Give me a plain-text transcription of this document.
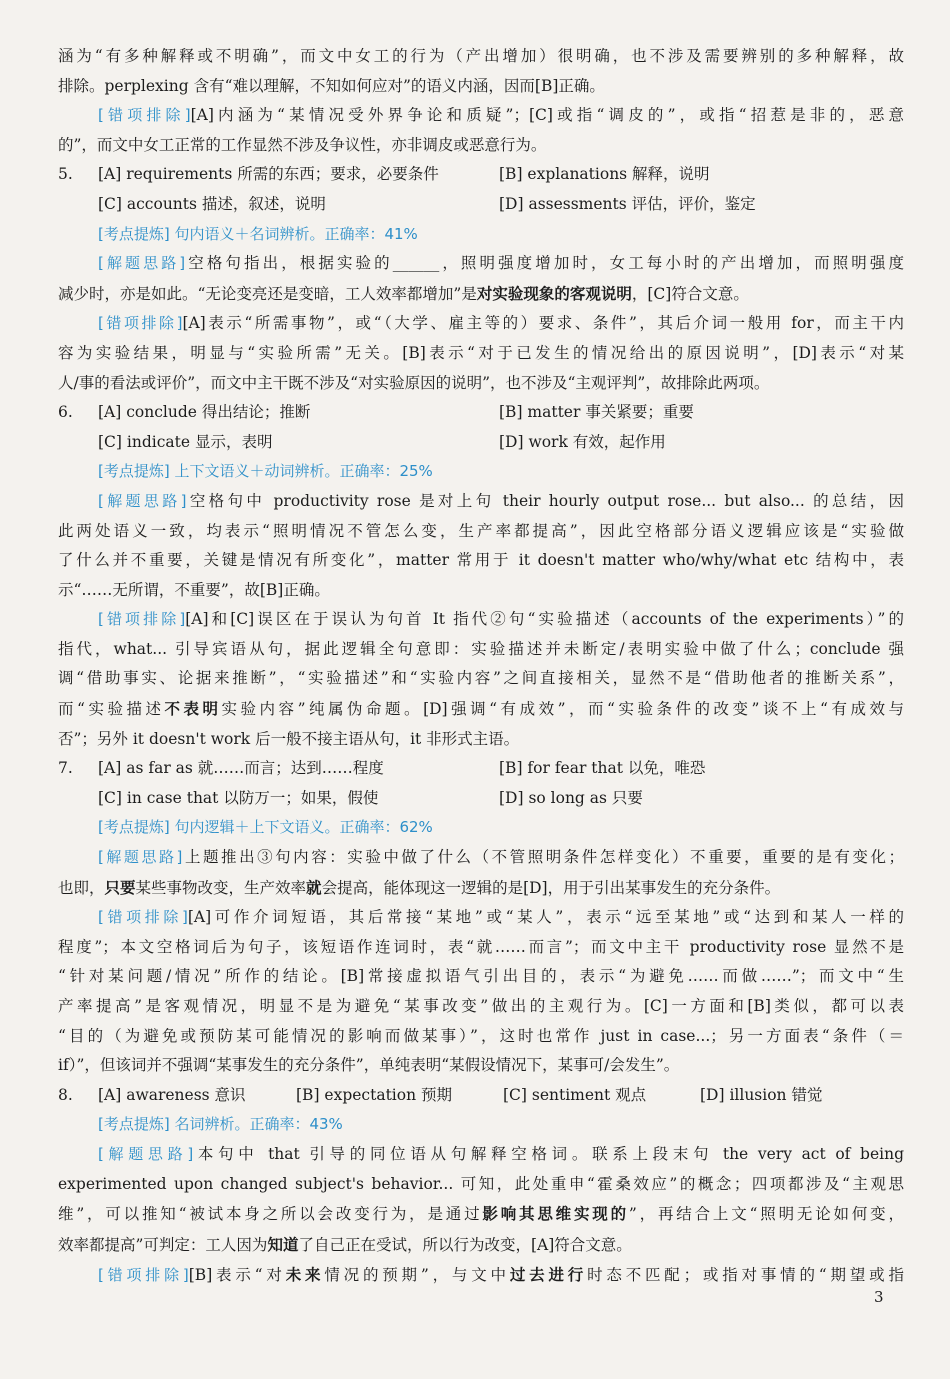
涵为“有多种解释或不明确”，而文中女工的行为（产出增加）很明确，也不涉及需要辨别的多种解释，故

排除。perplexing 含有“难以理解，不知如何应对”的语义内涵，因而[B]正确。

[错项排除][A]内涵为“某情况受外界争论和质疑”；[C]或指“调皮的”，或指“招惹是非的，恶意

的”，而文中女工正常的工作显然不涉及争议性，亦非调皮或恶意行为。

5. [A] requirements 所需的东西；要求，必要条件	[B] explanations 解释，说明
[C] accounts 描述，叙述，说明	[D] assessments 评估，评价，鉴定

[考点提炼] 句内语义＋名词辨析。正确率：41%

[解题思路]空格句指出，根据实验的______，照明强度增加时，女工每小时的产出增加，而照明强度

减少时，亦是如此。“无论变亮还是变暗，工人效率都增加”是对实验现象的客观说明，[C]符合文意。

[错项排除][A]表示“所需事物”，或“（大学、雇主等的）要求、条件”，其后介词一般用 for，而主干内

容为实验结果，明显与“实验所需”无关。[B]表示“对于已发生的情况给出的原因说明”，[D]表示“对某

人/事的看法或评价”，而文中主干既不涉及“对实验原因的说明”，也不涉及“主观评判”，故排除此两项。

6. [A] conclude 得出结论；推断	[B] matter 事关紧要；重要
[C] indicate 显示，表明	[D] work 有效，起作用

[考点提炼] 上下文语义＋动词辨析。正确率：25%

[解题思路]空格句中 productivity rose 是对上句 their hourly output rose... but also... 的总结，因

此两处语义一致，均表示“照明情况不管怎么变，生产率都提高”，因此空格部分语义逻辑应该是“实验做

了什么并不重要，关键是情况有所变化”，matter 常用于 it doesn't matter who/why/what etc 结构中，表

示“……无所谓，不重要”，故[B]正确。

[错项排除][A]和[C]误区在于误认为句首 It 指代②句“实验描述（accounts of the experiments）”的

指代，what... 引导宾语从句，据此逻辑全句意即：实验描述并未断定/表明实验中做了什么；conclude 强

调“借助事实、论据来推断”，“实验描述”和“实验内容”之间直接相关，显然不是“借助他者的推断关系”，

而“实验描述不表明实验内容”纯属伪命题。[D]强调“有成效”，而“实验条件的改变”谈不上“有成效与

否”；另外 it doesn't work 后一般不接主语从句，it 非形式主语。

7. [A] as far as 就……而言；达到……程度	[B] for fear that 以免，唯恐
[C] in case that 以防万一；如果，假使	[D] so long as 只要

[考点提炼] 句内逻辑＋上下文语义。正确率：62%

[解题思路]上题推出③句内容：实验中做了什么（不管照明条件怎样变化）不重要，重要的是有变化；

也即，只要某些事物改变，生产效率就会提高，能体现这一逻辑的是[D]，用于引出某事发生的充分条件。

[错项排除][A]可作介词短语，其后常接“某地”或“某人”，表示“远至某地”或“达到和某人一样的

程度”；本文空格词后为句子，该短语作连词时，表“就……而言”；而文中主干 productivity rose 显然不是

“针对某问题/情况”所作的结论。[B]常接虚拟语气引出目的，表示“为避免……而做……”；而文中“生

产率提高”是客观情况，明显不是为避免“某事改变”做出的主观行为。[C]一方面和[B]类似，都可以表

“目的（为避免或预防某可能情况的影响而做某事）”，这时也常作 just in case...；另一方面表“条件（＝

if）”，但该词并不强调“某事发生的充分条件”，单纯表明“某假设情况下，某事可/会发生”。

8. [A] awareness 意识	[B] expectation 预期	[C] sentiment 观点	[D] illusion 错觉

[考点提炼] 名词辨析。正确率：43%

[解题思路]本句中 that 引导的同位语从句解释空格词。联系上段末句 the very act of being

experimented upon changed subject's behavior... 可知，此处重申“霍桑效应”的概念；四项都涉及“主观思

维”，可以推知“被试本身之所以会改变行为，是通过影响其思维实现的”，再结合上文“照明无论如何变，

效率都提高”可判定：工人因为知道了自己正在受试，所以行为改变，[A]符合文意。

[错项排除][B]表示“对未来情况的预期”，与文中过去进行时态不匹配；或指对事情的“期望或指

3
